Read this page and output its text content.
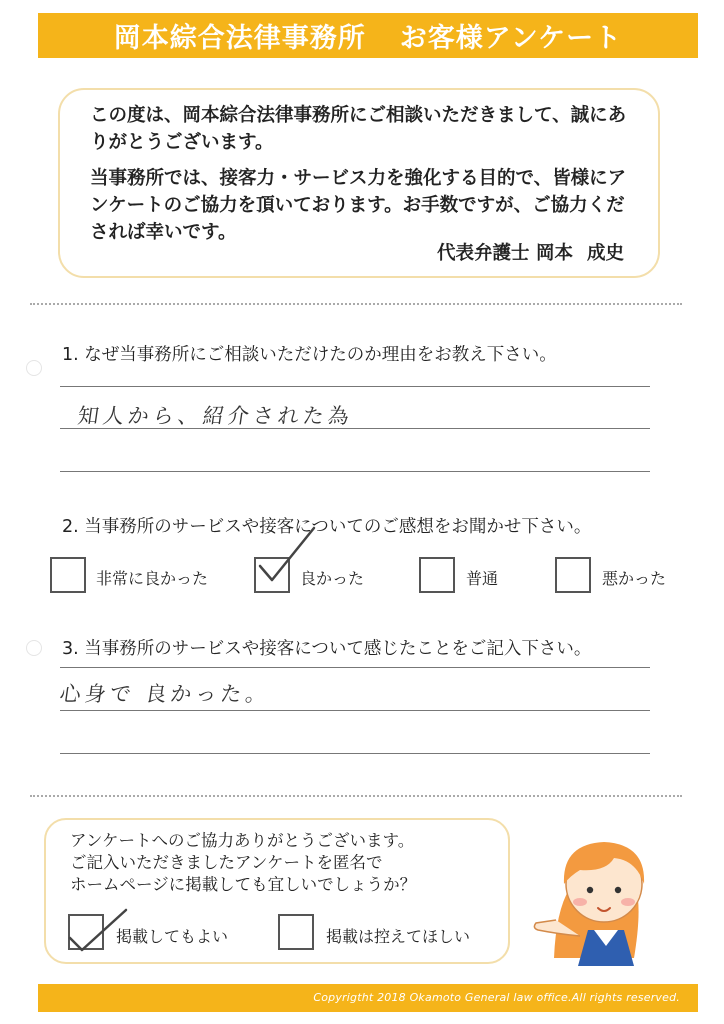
岡本綜合法律事務所 お客様アンケート

この度は、岡本綜合法律事務所にご相談いただきまして、誠にありがとうございます。

当事務所では、接客力・サービス力を強化する目的で、皆様にアンケートのご協力を頂いております。お手数ですが、ご協力くだされば幸いです。

代表弁護士 岡本 成史
1. なぜ当事務所にご相談いただけたのか理由をお教え下さい。
知人から、紹介された為
2. 当事務所のサービスや接客についてのご感想をお聞かせ下さい。
非常に良かった	良かった	普通	悪かった
3. 当事務所のサービスや接客について感じたことをご記入下さい。
心身で 良かった。

アンケートへのご協力ありがとうございます。

ご記入いただきましたアンケートを匿名で

ホームページに掲載しても宜しいでしょうか？

掲載してもよい	掲載は控えてほしい
Copyrigtht 2018 Okamoto General law office.All rights reserved.
